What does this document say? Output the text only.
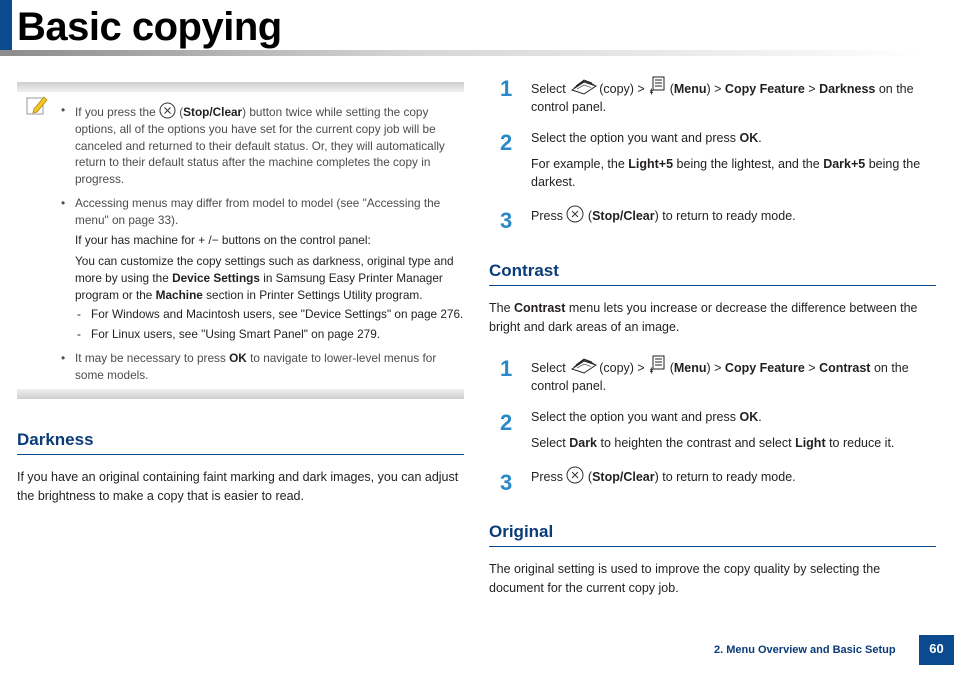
Basic copying
• If you press the  (Stop/Clear) button twice while setting the copy options, all of the options you have set for the current copy job will be canceled and returned to their default status. Or, they will automatically return to their default status after the machine completes the copy in progress.
• Accessing menus may differ from model to model (see "Accessing the menu" on page 33).
If your has machine for + /− buttons on the control panel:
You can customize the copy settings such as darkness, original type and more by using the Device Settings in Samsung Easy Printer Manager program or the Machine section in Printer Settings Utility program.
- For Windows and Macintosh users, see "Device Settings" on page 276.
- For Linux users, see "Using Smart Panel" on page 279.
• It may be necessary to press OK to navigate to lower-level menus for some models.
Darkness

If you have an original containing faint marking and dark images, you can adjust the brightness to make a copy that is easier to read.

1 Select	(copy) >  (Menu) > Copy Feature > Darkness on the control panel.

2 Select the option you want and press OK.

For example, the Light+5 being the lightest, and the Dark+5 being the darkest.

3 Press  (Stop/Clear) to return to ready mode.

Contrast

The Contrast menu lets you increase or decrease the difference between the bright and dark areas of an image.

1 Select	(copy) >  (Menu) > Copy Feature > Contrast on the control panel.

2 Select the option you want and press OK.

Select Dark to heighten the contrast and select Light to reduce it.

3 Press  (Stop/Clear) to return to ready mode.

Original

The original setting is used to improve the copy quality by selecting the document for the current copy job.

2. Menu Overview and Basic Setup	60
